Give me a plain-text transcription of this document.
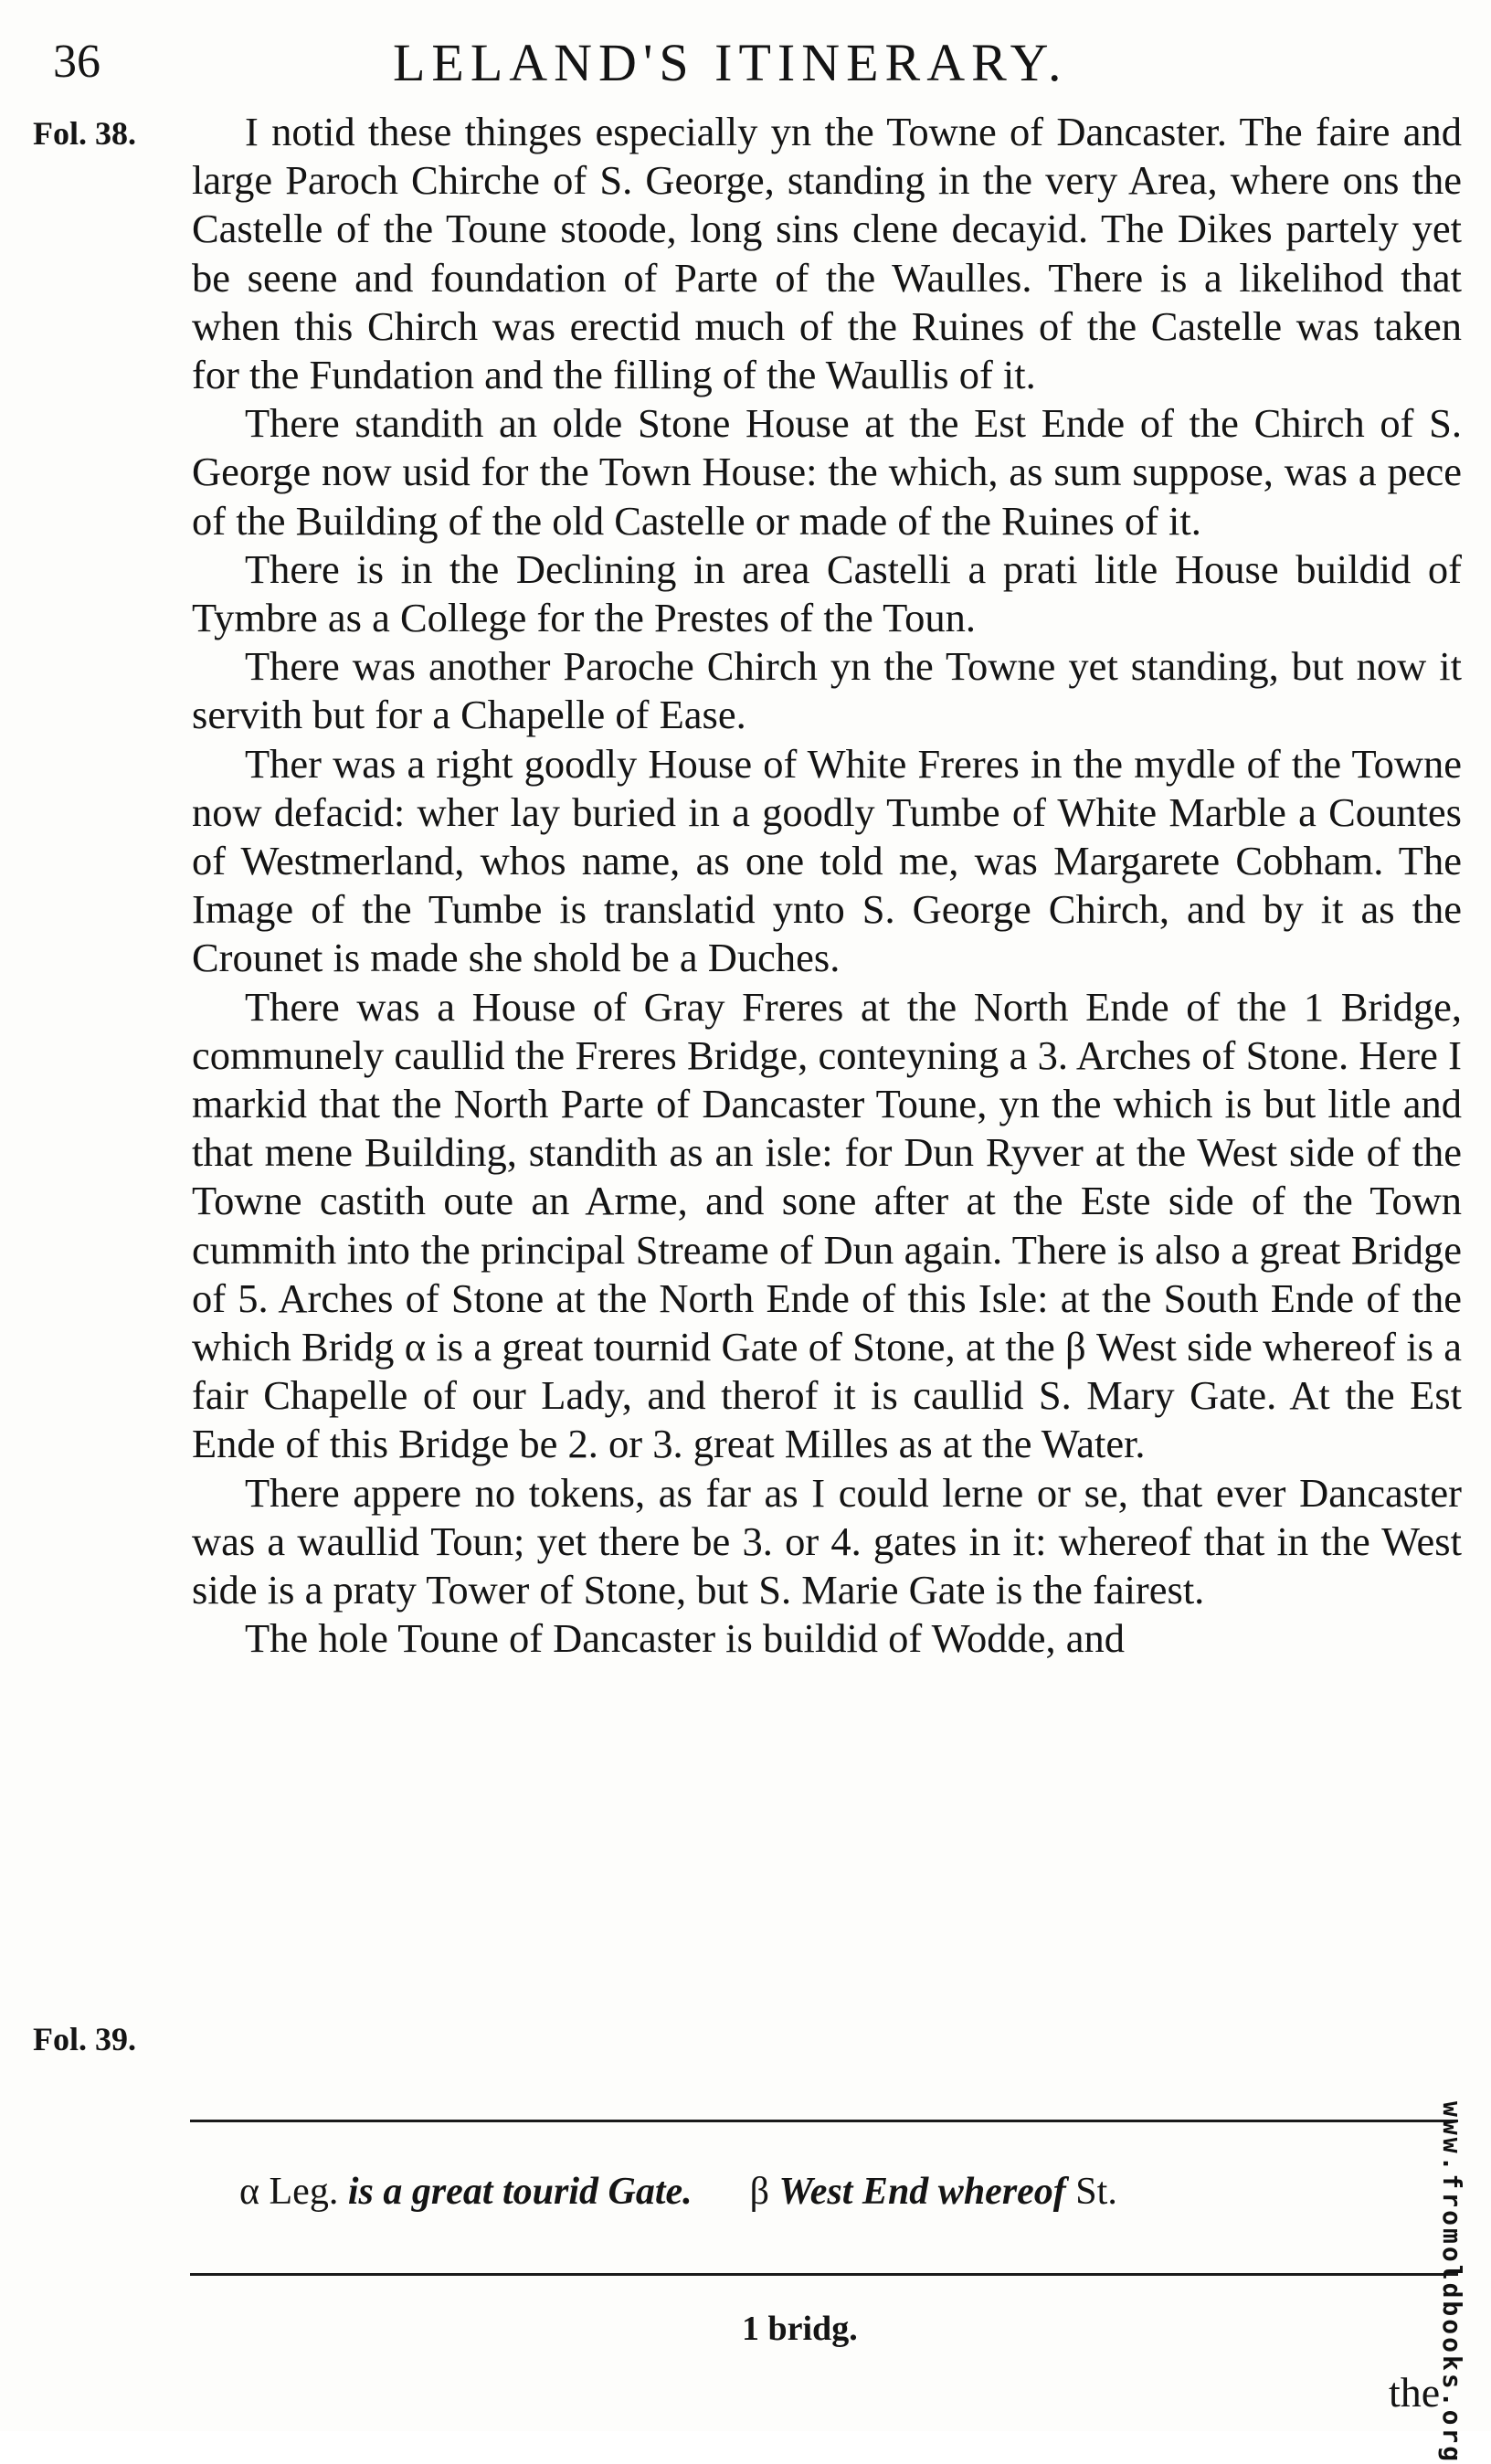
36	LELAND'S ITINERARY.
Fol. 38.
Fol. 39.

I notid these thinges especially yn the Towne of Dancaster. The faire and large Paroch Chirche of S. George, standing in the very Area, where ons the Castelle of the Toune stoode, long sins clene decayid. The Dikes partely yet be seene and foundation of Parte of the Waulles. There is a likelihod that when this Chirch was erectid much of the Ruines of the Castelle was taken for the Fundation and the filling of the Waullis of it.

There standith an olde Stone House at the Est Ende of the Chirch of S. George now usid for the Town House: the which, as sum suppose, was a pece of the Building of the old Castelle or made of the Ruines of it.

There is in the Declining in area Castelli a prati litle House buildid of Tymbre as a College for the Prestes of the Toun.

There was another Paroche Chirch yn the Towne yet standing, but now it servith but for a Chapelle of Ease.

Ther was a right goodly House of White Freres in the mydle of the Towne now defacid: wher lay buried in a goodly Tumbe of White Marble a Countes of Westmerland, whos name, as one told me, was Margarete Cobham. The Image of the Tumbe is translatid ynto S. George Chirch, and by it as the Crounet is made she shold be a Duches.

There was a House of Gray Freres at the North Ende of the 1 Bridge, communely caullid the Freres Bridge, conteyning a 3. Arches of Stone. Here I markid that the North Parte of Dancaster Toune, yn the which is but litle and that mene Building, standith as an isle: for Dun Ryver at the West side of the Towne castith oute an Arme, and sone after at the Este side of the Town cummith into the principal Streame of Dun again. There is also a great Bridge of 5. Arches of Stone at the North Ende of this Isle: at the South Ende of the which Bridg α is a great tournid Gate of Stone, at the β West side whereof is a fair Chapelle of our Lady, and therof it is caullid S. Mary Gate. At the Est Ende of this Bridge be 2. or 3. great Milles as at the Water.

There appere no tokens, as far as I could lerne or se, that ever Dancaster was a waullid Toun; yet there be 3. or 4. gates in it: whereof that in the West side is a praty Tower of Stone, but S. Marie Gate is the fairest.

The hole Toune of Dancaster is buildid of Wodde, and

α Leg. is a great tourid Gate. β West End whereof St.
1 bridg.
the
www.fromoldbooks.org
